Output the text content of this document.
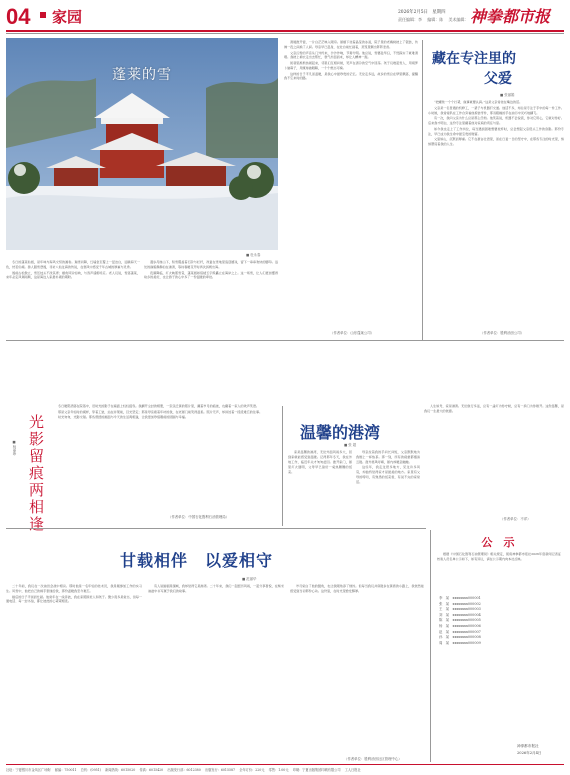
04 家园	2026年2月5日　星期四
责任编辑：李 　编辑：陈 　美术编辑： 神拳都市报
蓬莱的雪
■ 杜永春

冬日的蓬莱仙阁，是年味与海风交织的画卷。瑞雪初降，红墙金瓦覆上一层洁白，远眺海天一色，恍若仙境。游人踏雪登阁，寻访八仙过海的传说，在寒风中感受千年古城的厚重与灵秀。

阁前古松傲立，雪压枝头不改其青；檐角风铃轻响，与涛声遥相呼应。老人们说，雪落蓬莱，来年必定风调雨顺，这是海边人家最朴素的期盼。

漫步丹崖山下，积雪覆盖着石阶与栏杆，孩童在雪地里追逐嬉戏，留下一串串欢快的脚印。远处的渔船静静泊在港湾，等待春暖花开时再次扬帆出海。

夜幕降临，灯火映照雪景，蓬莱阁如琼楼玉宇般矗立在海岸之上。这一场雪，让人们更加懂得故乡的美好，也让游子的心中多了一份温暖的牵挂。

清晨推开窗，一片白茫茫映入眼帘。屋檐下挂着晶莹的冰凌，院子里的老槐树披上了银装，仿佛一夜之间换了人间。母亲早已起身，在灶台前忙碌着，蒸笼里飘出阵阵麦香。

父亲扫雪的声音从门外传来，沙沙作响，节奏分明。他总说，雪要趁早扫，不然踩实了就难清理。我披上棉衣走出去帮忙，寒气扑面而来，却让人精神一振。

街巷里渐渐热闹起来，邻里们互相问候，笑声在清冷的空气中回荡。孩子们堆起雪人，用胡萝卜做鼻子，用煤球做眼睛，一个个憨态可掬。

这样的日子平凡而温暖，是我心中最珍贵的记忆。无论走多远，故乡的雪总在梦里飘落，提醒我不忘来时的路。

（作者单位：山东蓬莱公司）
藏在专注里的
父爱
■ 张丽娟

“把螺丝一个个拧紧，做事就要认真。”这是父亲常挂在嘴边的话。

父亲是一名普通的机修工，一辈子与机器打交道。他话不多，却总是专注于手中的每一件工作。小时候，我常常趴在工作台旁看他拆装零件，那双粗糙的手在油污中灵巧地翻飞。

有一次，我问父亲为什么总是那么仔细。他笑着说，机器不会说谎，你对它用心，它就对你好。后来我才明白，这份专注里藏着他对家庭的责任与爱。

如今我也走上了工作岗位，每当遇到困难想要放弃时，总会想起父亲低头工作的身影。那份专注，早已成为我生命中最宝贵的财富。

父爱如山，沉默而厚重。它不在豪言壮语里，而在日复一日的坚守中，在那些专注的时光里，悄悄塑造着我的人生。

（作者单位：胜利油田公司）
光影留痕两相逢
■ 杨丽珍

冬日暖阳洒落在院落中，旧时光的影子在墙面上轻轻摇曳。我翻开尘封的相册，一张张泛黄的照片里，藏着岁月的痕迹，也藏着一家人的欢声笑语。

那是父亲年轻时的模样，穿着工装，站在井架前，目光坚定；那是母亲抱着年幼的我，在老屋门前笑得温柔。照片无声，却讲述着一段段难忘的往事。

时光匆匆，光影交错。那些曾经的画面与今天的生活两相逢，让我更加珍惜眼前的团圆与幸福。

（作者单位：中国石化胜利石油管理局）
温馨的港湾
■ 张 超

家是温馨的港湾，无论外面风雨多大，回到家就能感受到温暖。记得那年冬天，我在外地工作，临近年关才匆匆赶回。推开家门，屋里灯火通明，父母早已备好一桌热腾腾的饭菜。

母亲拉着我的手问长问短，父亲默默地为我倒上一杯热茶。那一刻，所有的疲惫都烟消云散。窗外寒风呼啸，屋内却暖意融融。

这些年，我走过很多地方，见过许多风景，却始终觉得家才是最美的地方。家里有父母的唠叨，有熟悉的饭菜香，有说不完的家常话。

人生如舟，家是港湾。无论航行多远，总有一盏灯为你守候，总有一扇门为你敞开。这份温馨，是我们一生最大的依靠。

（作者单位：不详）
公　示
根据《中国石化胜利石油管理局》相关规定，现将神拳都市报社2026年度新闻记者证核验人员名单公示如下，如有异议，请在公示期内向本社反映。
李　某　xxxxxxxx000001
张　某　xxxxxxxx000002
王　某　xxxxxxxx000003
刘　某　xxxxxxxx000004
陈　某　xxxxxxxx000005
杨　某　xxxxxxxx000006
赵　某　xxxxxxxx000007
孙　某　xxxxxxxx000008
周　某　xxxxxxxx000009
神拳都市报社
2026年2月4日
甘载相伴　以爱相守
■ 范丽华

二十年前，我们在一次油田会战中相识。那时他是一名年轻的技术员，我是刚参加工作的实习生。风雪中，他把自己的棉手套递给我，那份温暖我至今难忘。

婚后的日子平淡而忙碌。他常年在一线奔波，我在家照顾老人和孩子。聚少离多是常态，但每一通电话、每一封书信，都让彼此的心紧紧相连。

有人说婚姻是围城，我却觉得它是港湾。二十年来，我们一起经历风雨，一起分享喜悦，在柴米油盐中书写属于我们的故事。

岁月染白了他的鬓角，也让我眼角添了细纹。但每当我们并肩散步在黄昏的小路上，我依然能感受到当初那份心动。这份爱，在时光里愈发醇厚。

（作者单位：胜利油田社区管理中心）
社址：宁夏银川市金凤区广场街 　邮编：750011 　总机：(0951) 　新闻热线：6015020 　传真：6015420 　出版发行部：6012380 　出版发行：6015587 　全年订价：220元 　零售：1.00元 　印刷：宁夏出版集团印刷有限公司 　工人日报社
